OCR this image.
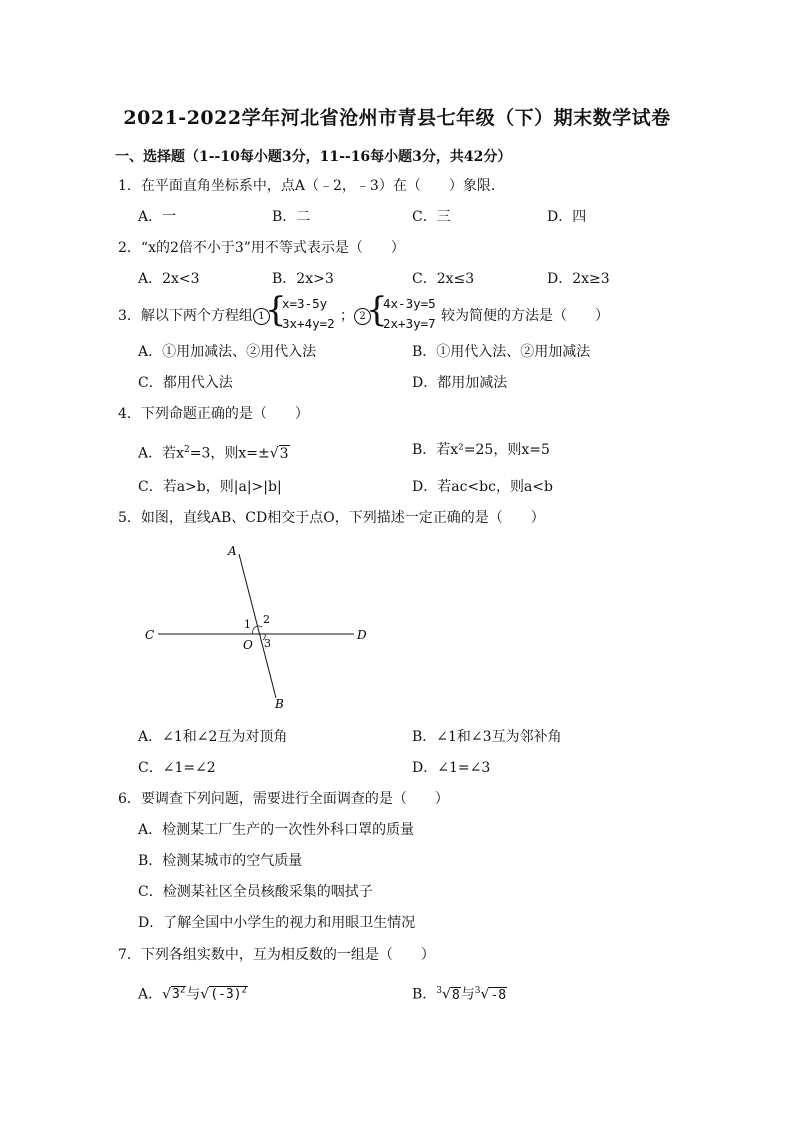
2021-2022学年河北省沧州市青县七年级（下）期末数学试卷
一、选择题（1--10每小题3分，11--16每小题3分，共42分）
1．在平面直角坐标系中，点A（﹣2，﹣3）在（　　）象限．
A．一	B．二	C．三	D．四
2．“x的2倍不小于3”用不等式表示是（　　）
A．2x<3	B．2x>3	C．2x≤3	D．2x≥3
3．解以下两个方程组 1 {
x=3-5y
3x+4y=2 ； 2 {
4x-3y=5
2x+3y=7 较为简便的方法是（　　）
A．①用加减法、②用代入法	B．①用代入法、②用加减法
C．都用代入法	D．都用加减法
4．下列命题正确的是（　　）
A．若$x^2=3$，则x=±√3	B．若x²=25，则x=5
C．若a>b，则|a|>|b|	D．若ac<bc，则a<b
5．如图，直线AB、CD相交于点O，下列描述一定正确的是（　　）
A
B
C	D
O
1 2
3
A．∠1和∠2互为对顶角	B．∠1和∠3互为邻补角
C．∠1=∠2	D．∠1=∠3
6．要调查下列问题，需要进行全面调查的是（　　）
A．检测某工厂生产的一次性外科口罩的质量
B．检测某城市的空气质量
C．检测某社区全员核酸采集的咽拭子
D．了解全国中小学生的视力和用眼卫生情况
7．下列各组实数中，互为相反数的一组是（　　）
A．$√3^2$与$√(-3)^2$	B．$^3$√8与$^3$√-8
